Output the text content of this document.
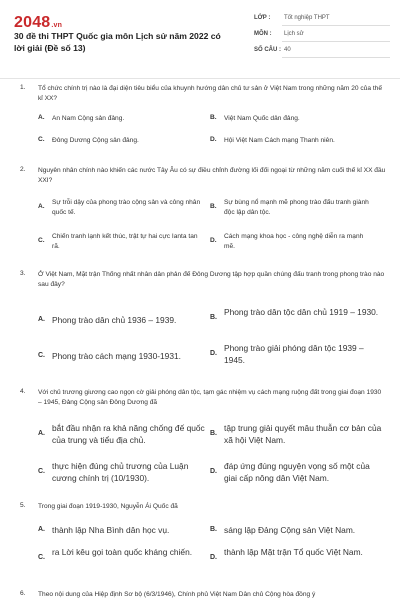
2048.vn
30 đề thi THPT Quốc gia môn Lịch sử năm 2022 có lời giải (Đề số 13)
LỚP : Tốt nghiệp THPT
MÔN : Lịch sử
SỐ CÂU : 40
1. Tổ chức chính trị nào là đại diện tiêu biểu của khuynh hướng dân chủ tư sản ở Việt Nam trong những năm 20 của thế kỉ XX?
A. An Nam Cộng sản đảng.	B. Việt Nam Quốc dân đảng.
C. Đông Dương Cộng sản đảng.	D. Hội Việt Nam Cách mạng Thanh niên.
2. Nguyên nhân chính nào khiến các nước Tây Âu có sự điều chỉnh đường lối đối ngoại từ những năm cuối thế kỉ XX đầu XXI?
A.
Sự trỗi dậy của phong trào cộng sản và công nhân quốc tế.
B.
Sự bùng nổ mạnh mẽ phong trào đấu tranh giành độc lập dân tộc.
C.
Chiến tranh lạnh kết thúc, trật tự hai cực Ianta tan rã.
D.
Cách mạng khoa học - công nghệ diễn ra mạnh mẽ.
3. Ở Việt Nam, Mặt trận Thống nhất nhân dân phản đế Đông Dương tập hợp quần chúng đấu tranh trong phong trào nào sau đây?
A. Phong trào dân chủ 1936 – 1939.	B.
Phong trào dân tộc dân chủ 1919 – 1930.
C. Phong trào cách mạng 1930-1931.	D.
Phong trào giải phóng dân tộc 1939 – 1945.
4. Với chủ trương giương cao ngọn cờ giải phóng dân tộc, tạm gác nhiệm vụ cách mạng ruộng đất trong giai đoạn 1930 – 1945, Đảng Cộng sản Đông Dương đã
A.
bắt đầu nhận ra khả năng chống đế quốc của trung và tiểu địa chủ.
B.
tập trung giải quyết mâu thuẫn cơ bản của xã hội Việt Nam.
C.
thực hiện đúng chủ trương của Luận cương chính trị (10/1930).
D.
đáp ứng đúng nguyện vọng số một của giai cấp nông dân Việt Nam.
5. Trong giai đoạn 1919-1930, Nguyễn Ái Quốc đã
A. thành lập Nha Bình dân học vụ.	B. sáng lập Đảng Cộng sản Việt Nam.
C.
ra Lời kêu gọi toàn quốc kháng chiến.
D.
thành lập Mặt trận Tổ quốc Việt Nam.
6. Theo nội dung của Hiệp định Sơ bộ (6/3/1946), Chính phủ Việt Nam Dân chủ Cộng hòa đồng ý
